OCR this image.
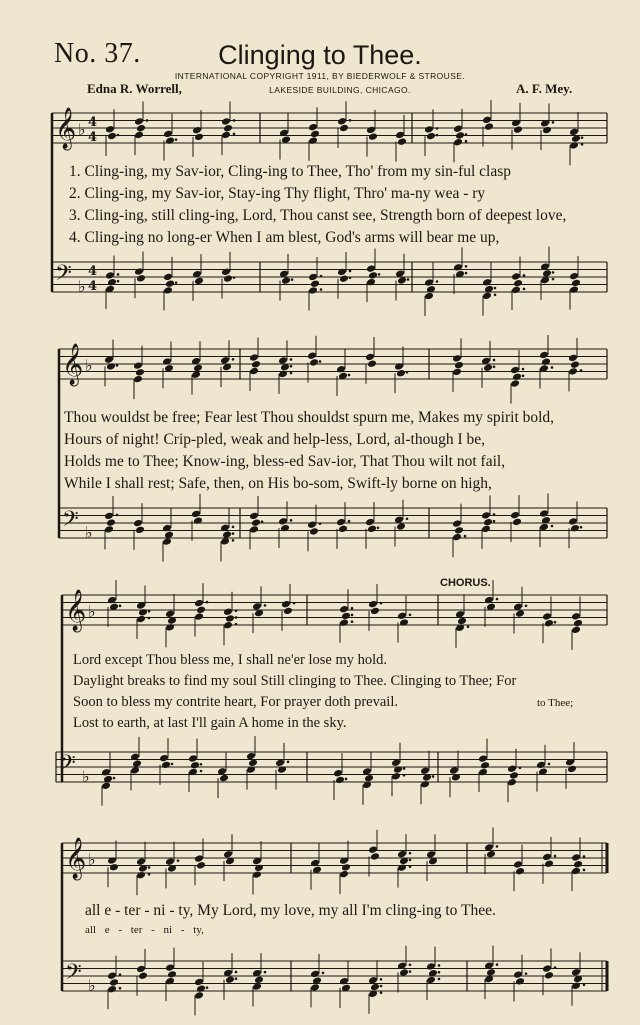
No. 37.	Clinging to Thee.
INTERNATIONAL COPYRIGHT 1911, BY BIEDERWOLF & STROUSE.
LAKESIDE BUILDING, CHICAGO.
Edna R. Worrell,	A. F. Mey.
𝄞 ♭ 4
4
𝄢 ♭
4
4
𝄞 ♭
𝄢 ♭
𝄞 ♭
𝄢 ♭
𝄞 ♭
𝄢 ♭
1. Cling-ing, my Sav-ior, Cling-ing to Thee, Tho' from my sin-ful clasp
2. Cling-ing, my Sav-ior, Stay-ing Thy flight, Thro' ma-ny wea - ry
3. Cling-ing, still cling-ing, Lord, Thou canst see, Strength born of deepest love,
4. Cling-ing no long-er When I am blest, God's arms will bear me up,
Thou wouldst be free; Fear lest Thou shouldst spurn me, Makes my spirit bold,
Hours of night! Crip-pled, weak and help-less, Lord, al-though I be,
Holds me to Thee; Know-ing, bless-ed Sav-ior, That Thou wilt not fail,
While I shall rest; Safe, then, on His bo-som, Swift-ly borne on high,
CHORUS.
Lord except Thou bless me, I shall ne'er lose my hold.
Daylight breaks to find my soul Still clinging to Thee. Clinging to Thee; For
Soon to bless my contrite heart, For prayer doth prevail.	to Thee;
Lost to earth, at last I'll gain A home in the sky.
all e - ter - ni - ty, My Lord, my love, my all I'm cling-ing to Thee.
all e - ter - ni - ty,
